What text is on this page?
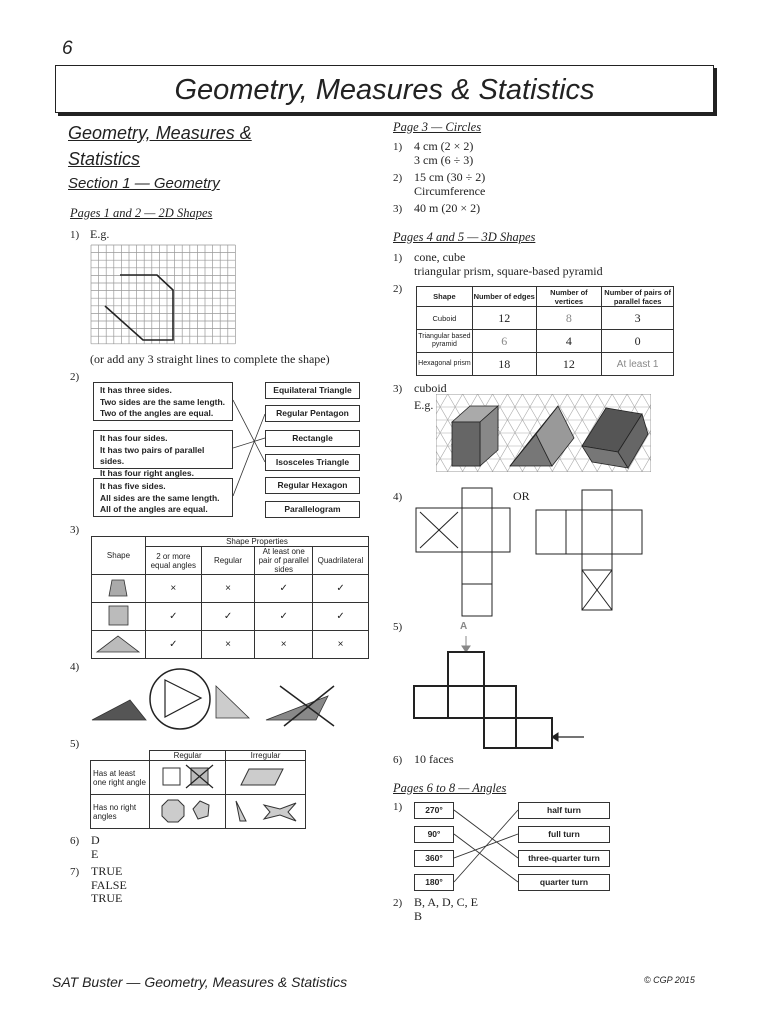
6
Geometry, Measures & Statistics
Geometry, Measures &
Statistics
Section 1 — Geometry
Pages 1 and 2 — 2D Shapes
1) E.g.
(or add any 3 straight lines to complete the shape)
2)
It has three sides.
Two sides are the same length.
Two of the angles are equal.
It has four sides.
It has two pairs of parallel sides.
It has four right angles.
It has five sides.
All sides are the same length.
All of the angles are equal.
Equilateral Triangle
Regular Pentagon
Rectangle
Isosceles Triangle
Regular Hexagon
Parallelogram
3)
Shape	Shape Properties			
	2 or more equal angles	Regular	At least one pair of parallel sides	Quadrilateral
	×	×	✓	✓
	✓	✓	✓	✓
	✓	×	×	×
4)
5)
	Regular	Irregular
Has at least one right angle		
Has no right angles		
6) D
E
7) TRUE
FALSE
TRUE
Page 3 — Circles
1) 4 cm (2 × 2)
3 cm (6 ÷ 3)
2) 15 cm (30 ÷ 2)
Circumference
3) 40 m (20 × 2)
Pages 4 and 5 — 3D Shapes
1) cone, cube
triangular prism, square-based pyramid
2)
Shape	Number of edges	Number of vertices	Number of pairs of parallel faces
Cuboid	12	8	3
Triangular based pyramid	6	4	0
Hexagonal prism	18	12	At least 1
3) cuboid
E.g.
4)	OR
5)	A
6) 10 faces
Pages 6 to 8 — Angles
1)	270°
90°
360°
180°
half turn
full turn
three-quarter turn
quarter turn
2) B, A, D, C, E
B
SAT Buster — Geometry, Measures & Statistics	© CGP 2015
